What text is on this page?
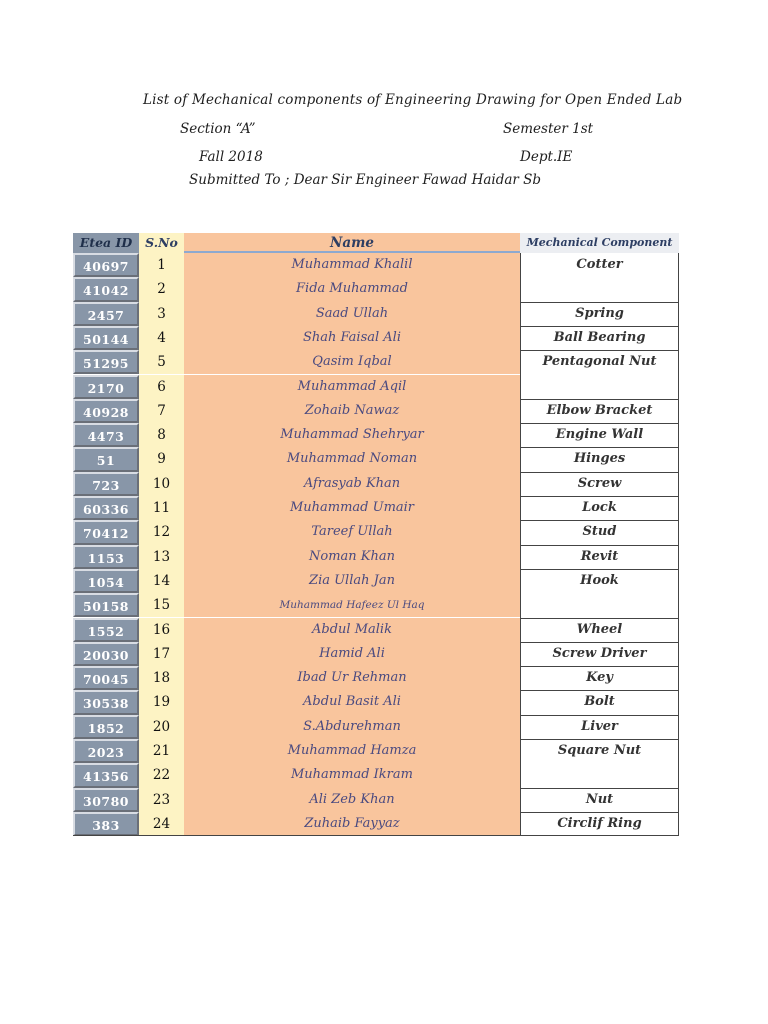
List of Mechanical components of Engineering Drawing for Open Ended Lab
Section “A”	Semester 1st
Fall 2018	Dept.IE
Submitted To ; Dear Sir Engineer Fawad Haidar Sb
Etea ID	S.No	Name	Mechanical Component
40697	1	Muhammad Khalil	Cotter
41042	2	Fida Muhammad
2457	3	Saad Ullah	Spring
50144	4	Shah Faisal Ali	Ball Bearing
51295	5	Qasim Iqbal	Pentagonal Nut
2170	6	Muhammad Aqil
40928	7	Zohaib Nawaz	Elbow Bracket
4473	8	Muhammad Shehryar	Engine Wall
51	9	Muhammad Noman	Hinges
723	10	Afrasyab Khan	Screw
60336	11	Muhammad Umair	Lock
70412	12	Tareef Ullah	Stud
1153	13	Noman Khan	Revit
1054	14	Zia Ullah Jan	Hook
50158	15	Muhammad Hafeez Ul Haq
1552	16	Abdul Malik	Wheel
20030	17	Hamid Ali	Screw Driver
70045	18	Ibad Ur Rehman	Key
30538	19	Abdul Basit Ali	Bolt
1852	20	S.Abdurehman	Liver
2023	21	Muhammad Hamza	Square Nut
41356	22	Muhammad Ikram
30780	23	Ali Zeb Khan	Nut
383	24	Zuhaib Fayyaz	Circlif Ring
